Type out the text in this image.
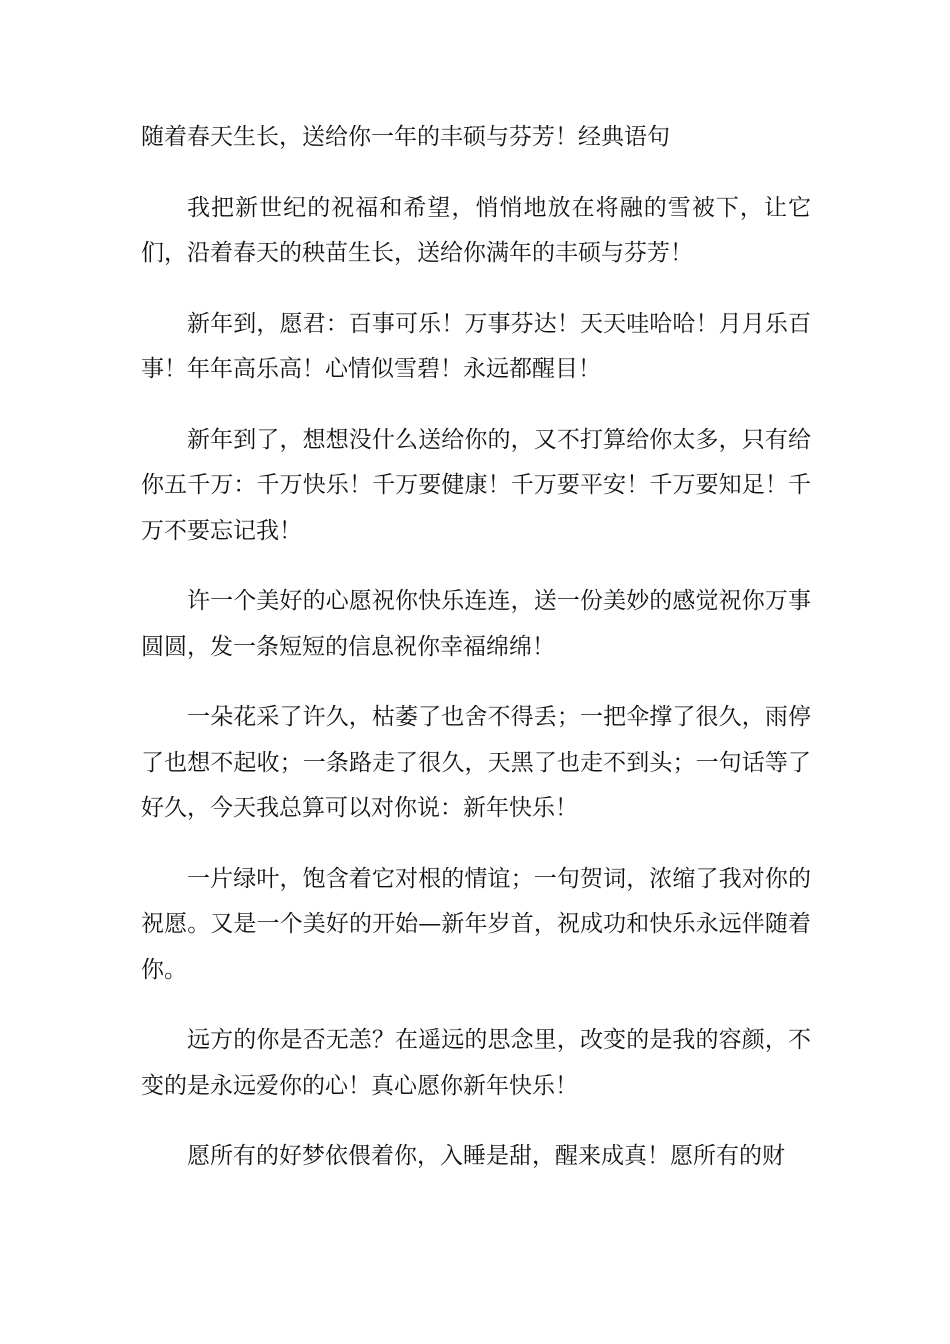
随着春天生长，送给你一年的丰硕与芬芳！经典语句

我把新世纪的祝福和希望，悄悄地放在将融的雪被下，让它们，沿着春天的秧苗生长，送给你满年的丰硕与芬芳！

新年到，愿君：百事可乐！万事芬达！天天哇哈哈！月月乐百事！年年高乐高！心情似雪碧！永远都醒目！

新年到了，想想没什么送给你的，又不打算给你太多，只有给你五千万：千万快乐！千万要健康！千万要平安！千万要知足！千万不要忘记我！

许一个美好的心愿祝你快乐连连，送一份美妙的感觉祝你万事圆圆，发一条短短的信息祝你幸福绵绵！

一朵花采了许久，枯萎了也舍不得丢；一把伞撑了很久，雨停了也想不起收；一条路走了很久，天黑了也走不到头；一句话等了好久，今天我总算可以对你说：新年快乐！

一片绿叶，饱含着它对根的情谊；一句贺词，浓缩了我对你的祝愿。又是一个美好的开始—新年岁首，祝成功和快乐永远伴随着你。

远方的你是否无恙？在遥远的思念里，改变的是我的容颜，不变的是永远爱你的心！真心愿你新年快乐！

愿所有的好梦依偎着你，入睡是甜，醒来成真！愿所有的财
